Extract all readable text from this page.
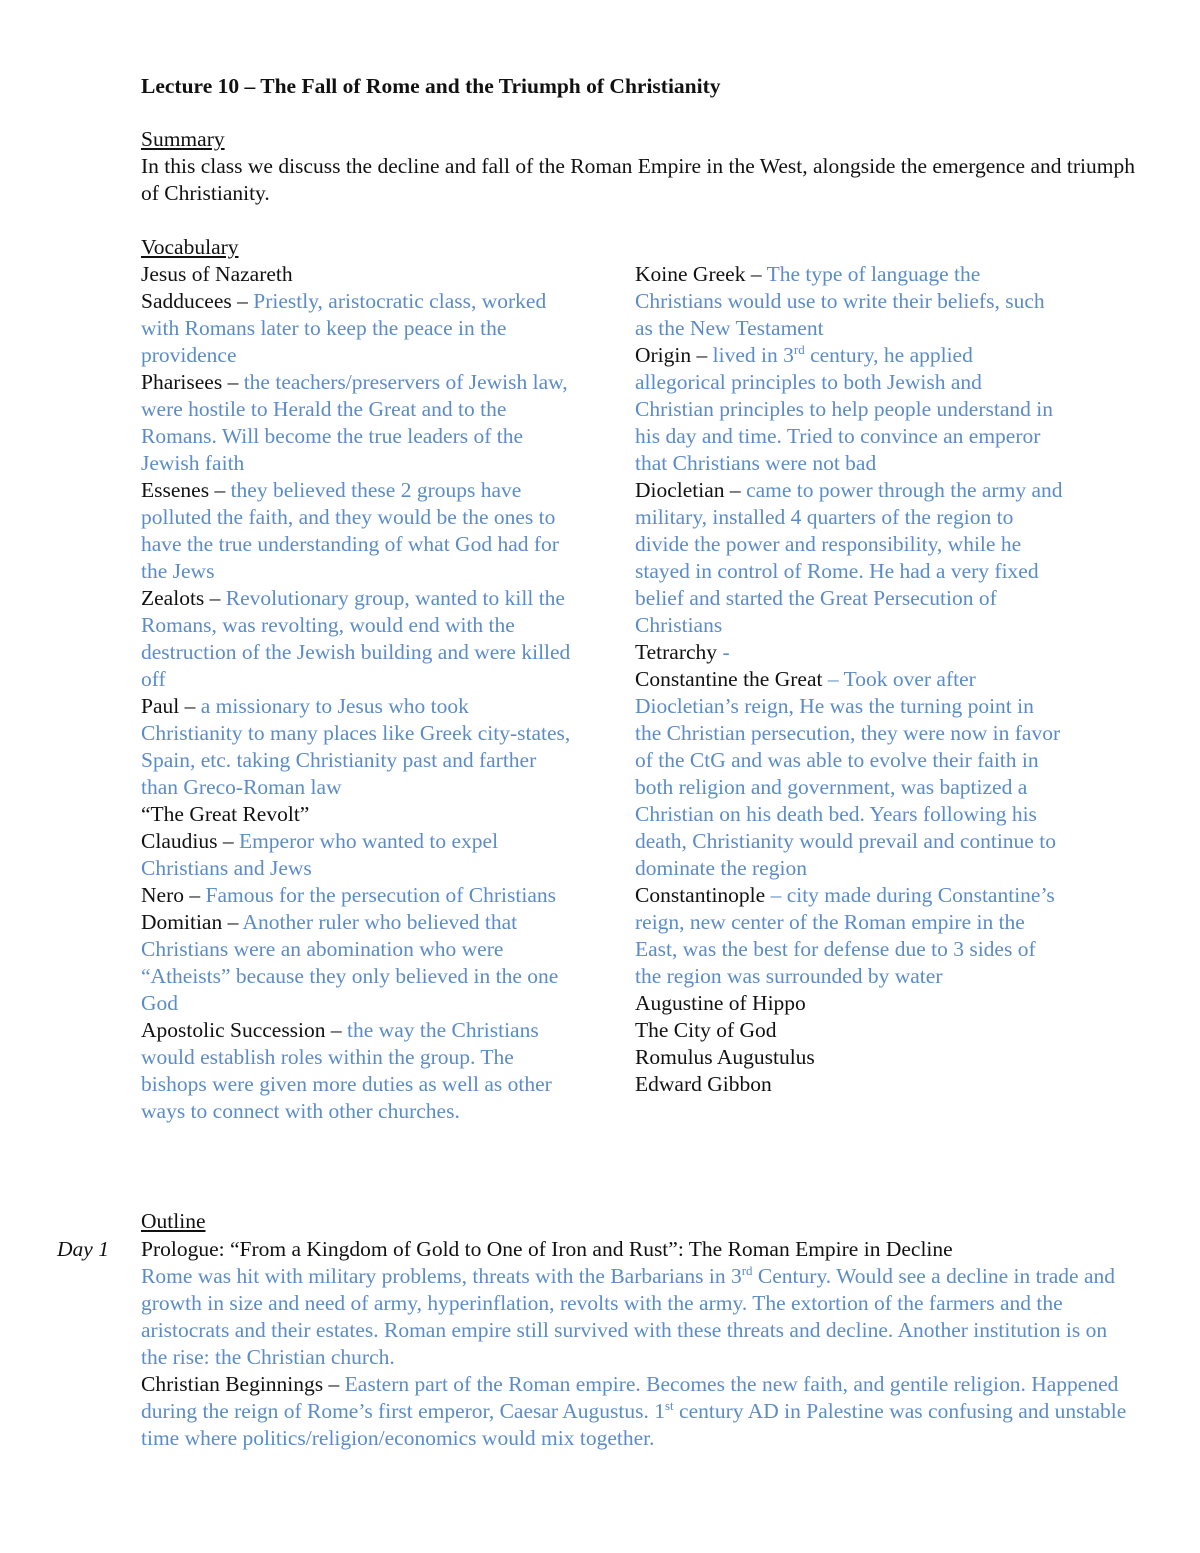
Lecture 10 – The Fall of Rome and the Triumph of Christianity
Summary
In this class we discuss the decline and fall of the Roman Empire in the West, alongside the emergence and triumph of Christianity.
Vocabulary
Jesus of Nazareth
Sadducees – Priestly, aristocratic class, worked with Romans later to keep the peace in the providence
Pharisees – the teachers/preservers of Jewish law, were hostile to Herald the Great and to the Romans. Will become the true leaders of the Jewish faith
Essenes – they believed these 2 groups have polluted the faith, and they would be the ones to have the true understanding of what God had for the Jews
Zealots – Revolutionary group, wanted to kill the Romans, was revolting, would end with the destruction of the Jewish building and were killed off
Paul – a missionary to Jesus who took Christianity to many places like Greek city-states, Spain, etc. taking Christianity past and farther than Greco-Roman law
“The Great Revolt”
Claudius – Emperor who wanted to expel Christians and Jews
Nero – Famous for the persecution of Christians
Domitian – Another ruler who believed that Christians were an abomination who were “Atheists” because they only believed in the one God
Apostolic Succession – the way the Christians would establish roles within the group. The bishops were given more duties as well as other ways to connect with other churches.
Koine Greek – The type of language the Christians would use to write their beliefs, such as the New Testament
Origin – lived in 3rd century, he applied allegorical principles to both Jewish and Christian principles to help people understand in his day and time. Tried to convince an emperor that Christians were not bad
Diocletian – came to power through the army and military, installed 4 quarters of the region to divide the power and responsibility, while he stayed in control of Rome. He had a very fixed belief and started the Great Persecution of Christians
Tetrarchy -
Constantine the Great – Took over after Diocletian’s reign, He was the turning point in the Christian persecution, they were now in favor of the CtG and was able to evolve their faith in both religion and government, was baptized a Christian on his death bed. Years following his death, Christianity would prevail and continue to dominate the region
Constantinople – city made during Constantine’s reign, new center of the Roman empire in the East, was the best for defense due to 3 sides of the region was surrounded by water
Augustine of Hippo
The City of God
Romulus Augustulus
Edward Gibbon
Outline
Day 1 Prologue: “From a Kingdom of Gold to One of Iron and Rust”: The Roman Empire in Decline
Rome was hit with military problems, threats with the Barbarians in 3rd Century. Would see a decline in trade and growth in size and need of army, hyperinflation, revolts with the army. The extortion of the farmers and the aristocrats and their estates. Roman empire still survived with these threats and decline. Another institution is on the rise: the Christian church.
Christian Beginnings – Eastern part of the Roman empire. Becomes the new faith, and gentile religion. Happened during the reign of Rome’s first emperor, Caesar Augustus. 1st century AD in Palestine was confusing and unstable time where politics/religion/economics would mix together.
